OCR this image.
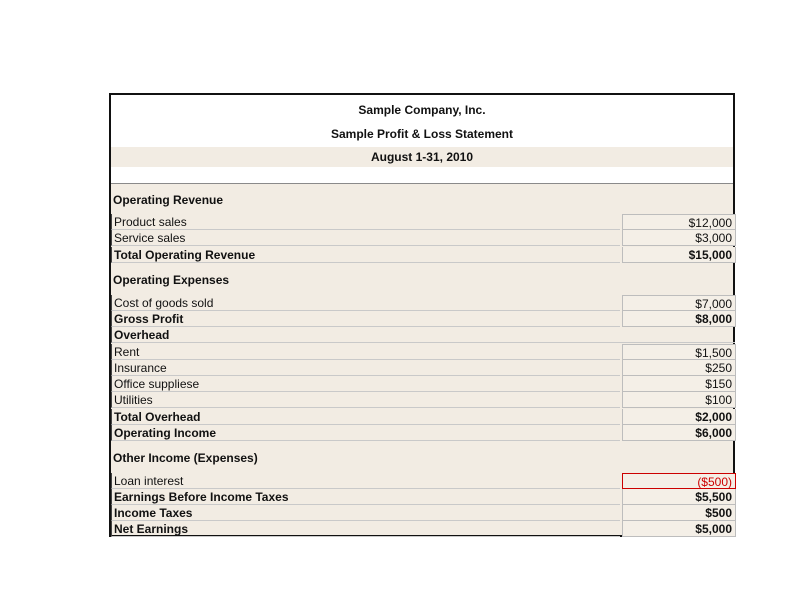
Sample Company, Inc.
Sample Profit & Loss Statement
August 1-31, 2010
Operating Revenue
Product sales	$12,000
Service sales	$3,000
Total Operating Revenue	$15,000
Operating Expenses
Cost of goods sold	$7,000
Gross Profit	$8,000
Overhead
Rent	$1,500
Insurance	$250
Office suppliese	$150
Utilities	$100
Total Overhead	$2,000
Operating Income	$6,000
Other Income (Expenses)
Loan interest	($500)
Earnings Before Income Taxes	$5,500
Income Taxes	$500
Net Earnings	$5,000
